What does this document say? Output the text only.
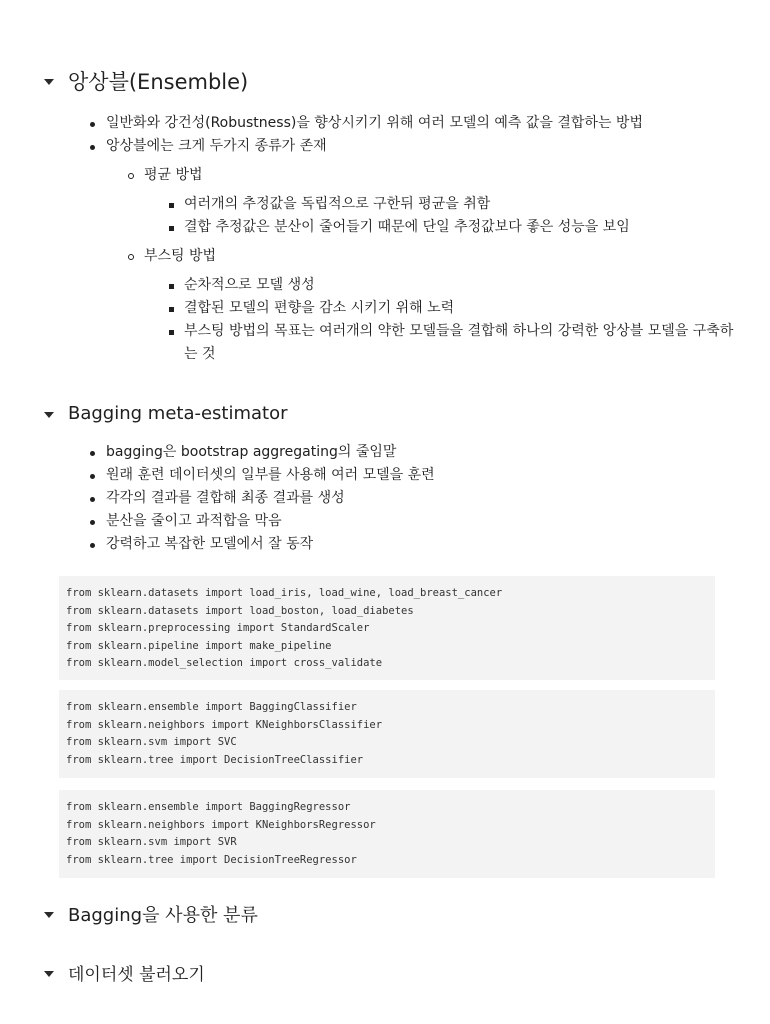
앙상블(Ensemble)
일반화와 강건성(Robustness)을 향상시키기 위해 여러 모델의 예측 값을 결합하는 방법
앙상블에는 크게 두가지 종류가 존재
평균 방법
여러개의 추정값을 독립적으로 구한뒤 평균을 취함
결합 추정값은 분산이 줄어들기 때문에 단일 추정값보다 좋은 성능을 보임
부스팅 방법
순차적으로 모델 생성
결합된 모델의 편향을 감소 시키기 위해 노력
부스팅 방법의 목표는 여러개의 약한 모델들을 결합해 하나의 강력한 앙상블 모델을 구축하는 것
Bagging meta-estimator
bagging은 bootstrap aggregating의 줄임말
원래 훈련 데이터셋의 일부를 사용해 여러 모델을 훈련
각각의 결과를 결합해 최종 결과를 생성
분산을 줄이고 과적합을 막음
강력하고 복잡한 모델에서 잘 동작
from sklearn.datasets import load_iris, load_wine, load_breast_cancer
from sklearn.datasets import load_boston, load_diabetes
from sklearn.preprocessing import StandardScaler
from sklearn.pipeline import make_pipeline
from sklearn.model_selection import cross_validate
from sklearn.ensemble import BaggingClassifier
from sklearn.neighbors import KNeighborsClassifier
from sklearn.svm import SVC
from sklearn.tree import DecisionTreeClassifier
from sklearn.ensemble import BaggingRegressor
from sklearn.neighbors import KNeighborsRegressor
from sklearn.svm import SVR
from sklearn.tree import DecisionTreeRegressor
Bagging을 사용한 분류
데이터셋 불러오기
